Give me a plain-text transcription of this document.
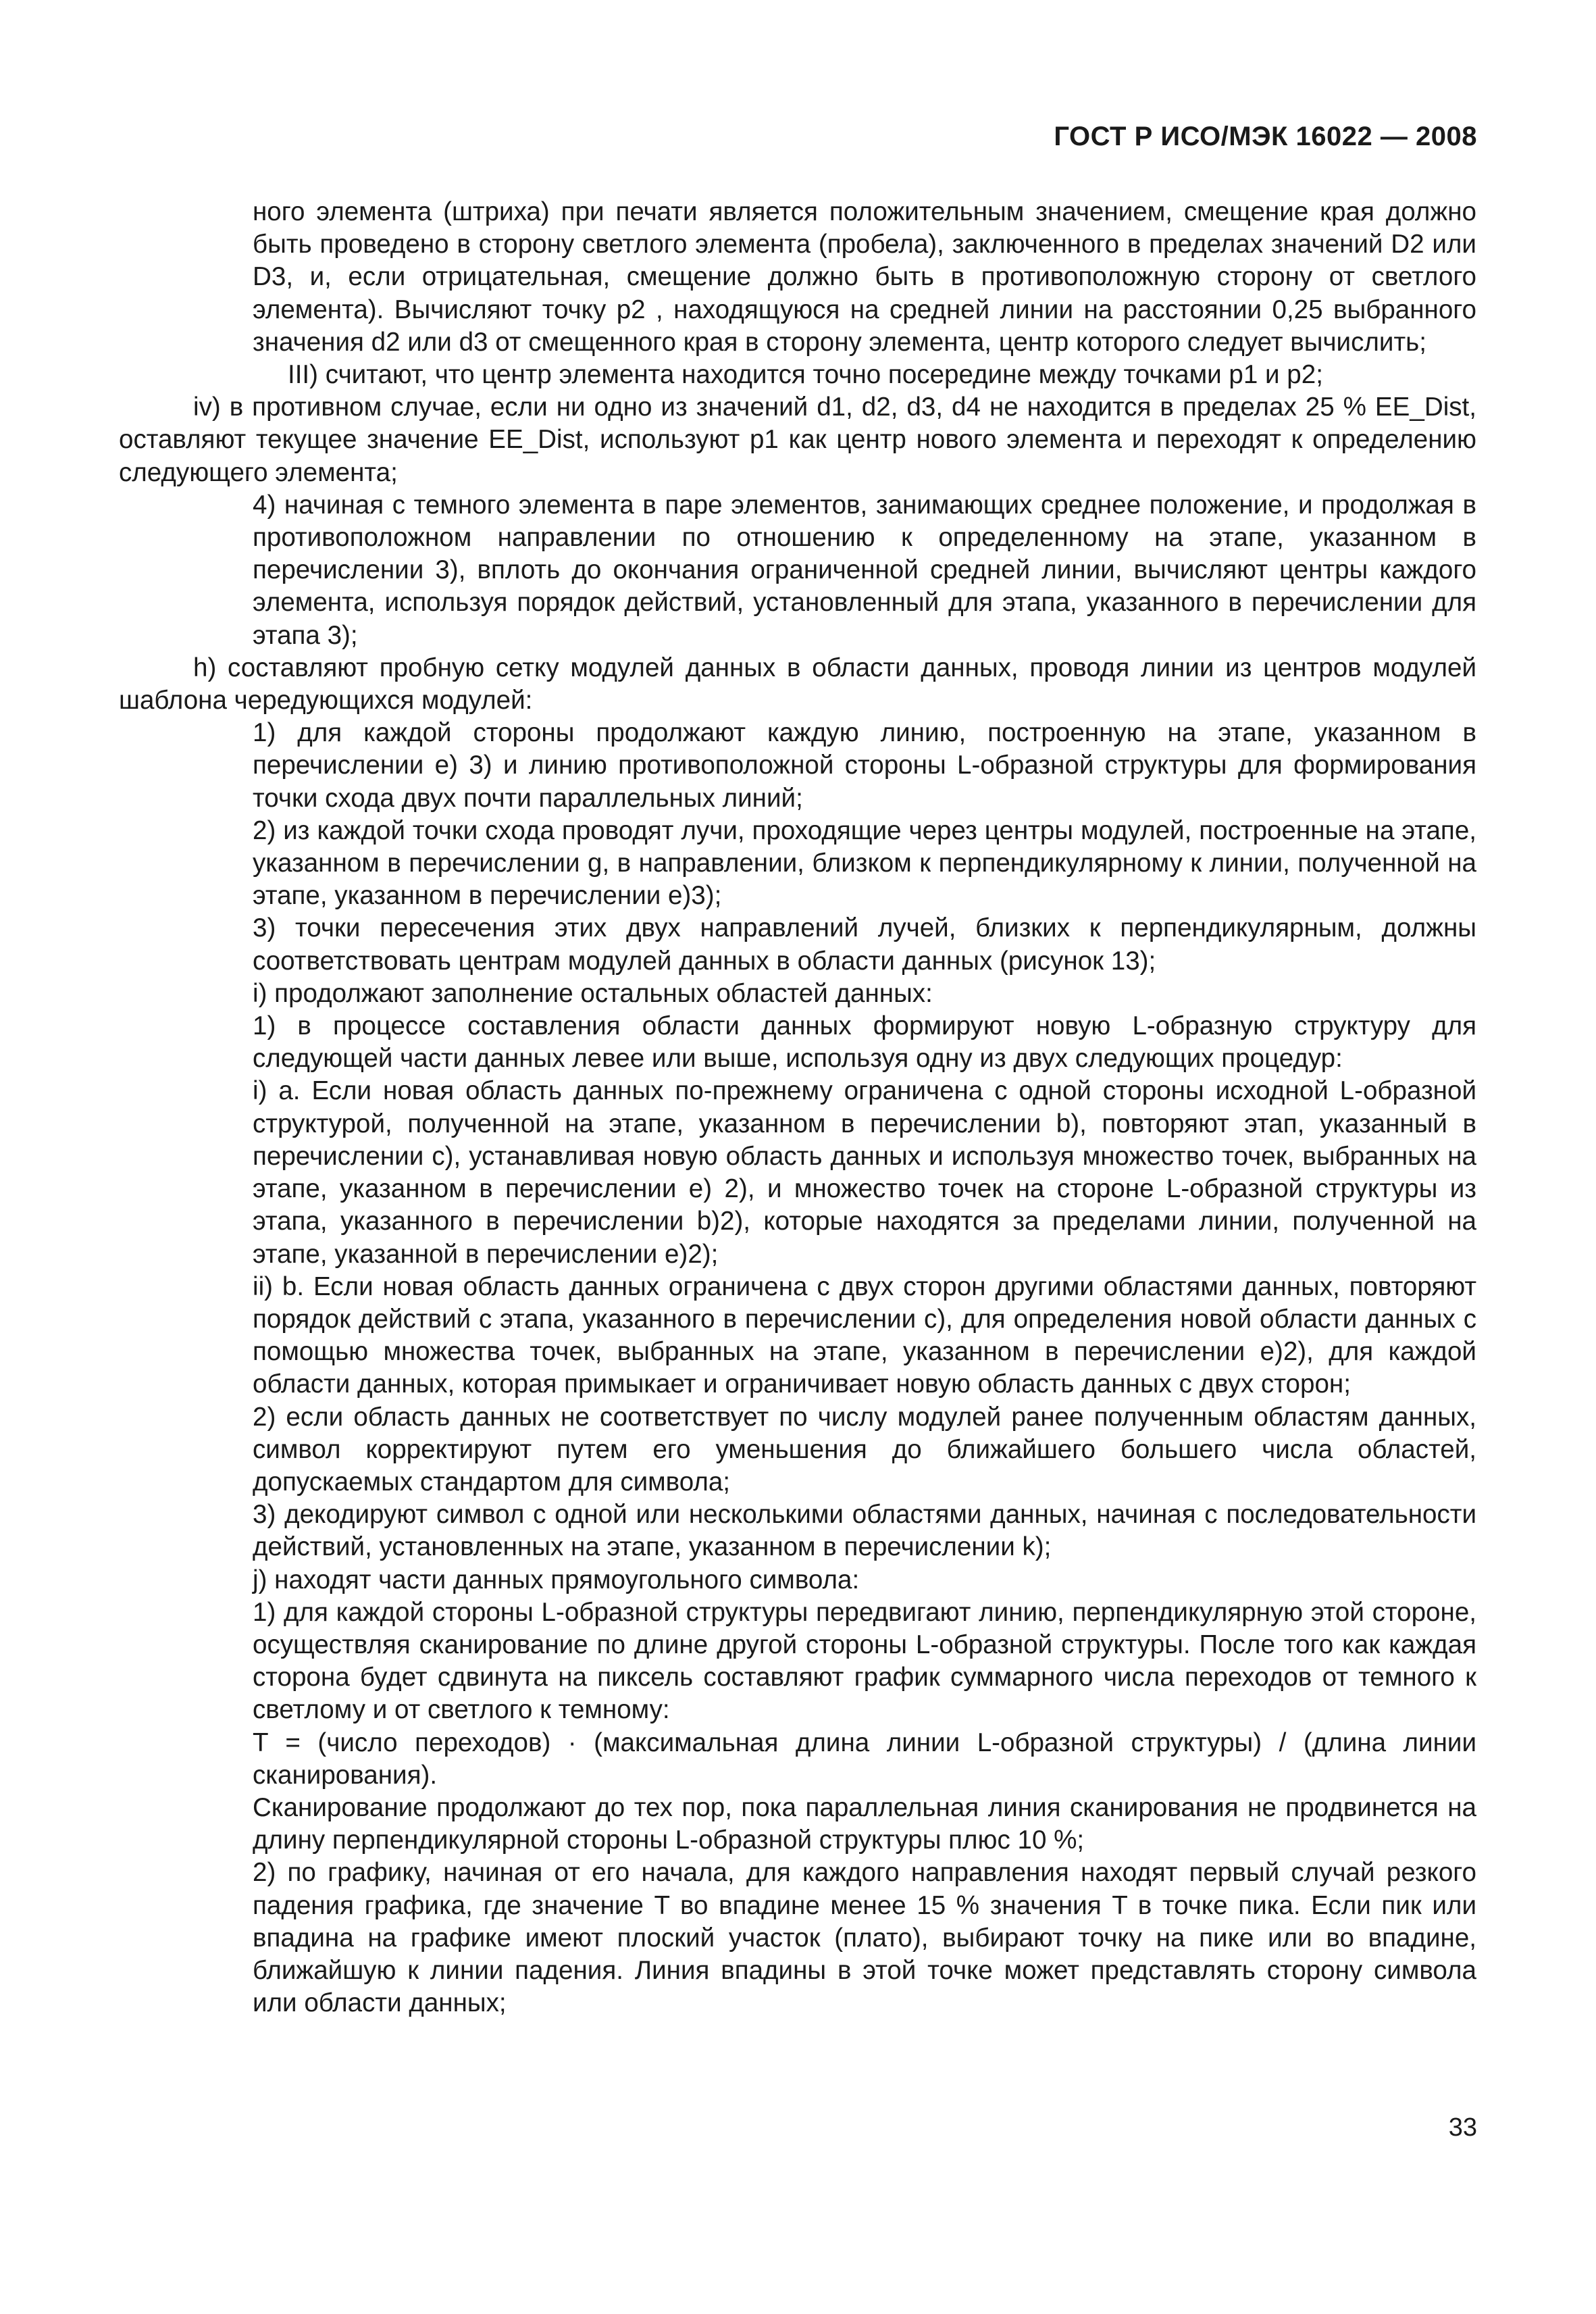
ГОСТ Р ИСО/МЭК 16022 — 2008

ного элемента (штриха) при печати является положительным значением, смещение края должно быть проведено в сторону светлого элемента (пробела), заключенного в пределах значений D2 или D3, и, если отрицательная, смещение должно быть в противоположную сторону от светлого элемента). Вычисляют точку p2 , находящуюся на средней линии на расстоянии 0,25 выбранного значения d2 или d3 от смещенного края в сторону элемента, центр которого следует вычислить;

III) считают, что центр элемента находится точно посередине между точками p1 и p2;

iv) в противном случае, если ни одно из значений d1, d2, d3, d4 не находится в пределах 25 % EE_Dist, оставляют текущее значение EE_Dist, используют p1 как центр нового элемента и переходят к определению следующего элемента;

4) начиная с темного элемента в паре элементов, занимающих среднее положение, и продолжая в противоположном направлении по отношению к определенному на этапе, указанном в перечислении 3), вплоть до окончания ограниченной средней линии, вычисляют центры каждого элемента, используя порядок действий, установленный для этапа, указанного в перечислении для этапа 3);

h) составляют пробную сетку модулей данных в области данных, проводя линии из центров модулей шаблона чередующихся модулей:

1) для каждой стороны продолжают каждую линию, построенную на этапе, указанном в перечислении е) 3) и линию противоположной стороны L-образной структуры для формирования точки схода двух почти параллельных линий;

2) из каждой точки схода проводят лучи, проходящие через центры модулей, построенные на этапе, указанном в перечислении g, в направлении, близком к перпендикулярному к линии, полученной на этапе, указанном в перечислении е)3);

3) точки пересечения этих двух направлений лучей, близких к перпендикулярным, должны соответствовать центрам модулей данных в области данных (рисунок 13);

i) продолжают заполнение остальных областей данных:

1) в процессе составления области данных формируют новую L-образную структуру для следующей части данных левее или выше, используя одну из двух следующих процедур:

i) a. Если новая область данных по-прежнему ограничена с одной стороны исходной L-образной структурой, полученной на этапе, указанном в перечислении b), повторяют этап, указанный в перечислении c), устанавливая новую область данных и используя множество точек, выбранных на этапе, указанном в перечислении е) 2), и множество точек на стороне L-образной структуры из этапа, указанного в перечислении b)2), которые находятся за пределами линии, полученной на этапе, указанной в перечислении е)2);

ii) b. Если новая область данных ограничена с двух сторон другими областями данных, повторяют порядок действий с этапа, указанного в перечислении c), для определения новой области данных с помощью множества точек, выбранных на этапе, указанном в перечислении е)2), для каждой области данных, которая примыкает и ограничивает новую область данных с двух сторон;

2) если область данных не соответствует по числу модулей ранее полученным областям данных, символ корректируют путем его уменьшения до ближайшего большего числа областей, допускаемых стандартом для символа;

3) декодируют символ с одной или несколькими областями данных, начиная с последовательности действий, установленных на этапе, указанном в перечислении k);

j) находят части данных прямоугольного символа:

1) для каждой стороны L-образной структуры передвигают линию, перпендикулярную этой стороне, осуществляя сканирование по длине другой стороны L-образной структуры. После того как каждая сторона будет сдвинута на пиксель составляют график суммарного числа переходов от темного к светлому и от светлого к темному:

T = (число переходов) · (максимальная длина линии L-образной структуры) / (длина линии сканирования).

Сканирование продолжают до тех пор, пока параллельная линия сканирования не продвинется на длину перпендикулярной стороны L-образной структуры плюс 10 %;

2) по графику, начиная от его начала, для каждого направления находят первый случай резкого падения графика, где значение T во впадине менее 15 % значения T в точке пика. Если пик или впадина на графике имеют плоский участок (плато), выбирают точку на пике или во впадине, ближайшую к линии падения. Линия впадины в этой точке может представлять сторону символа или области данных;

33
